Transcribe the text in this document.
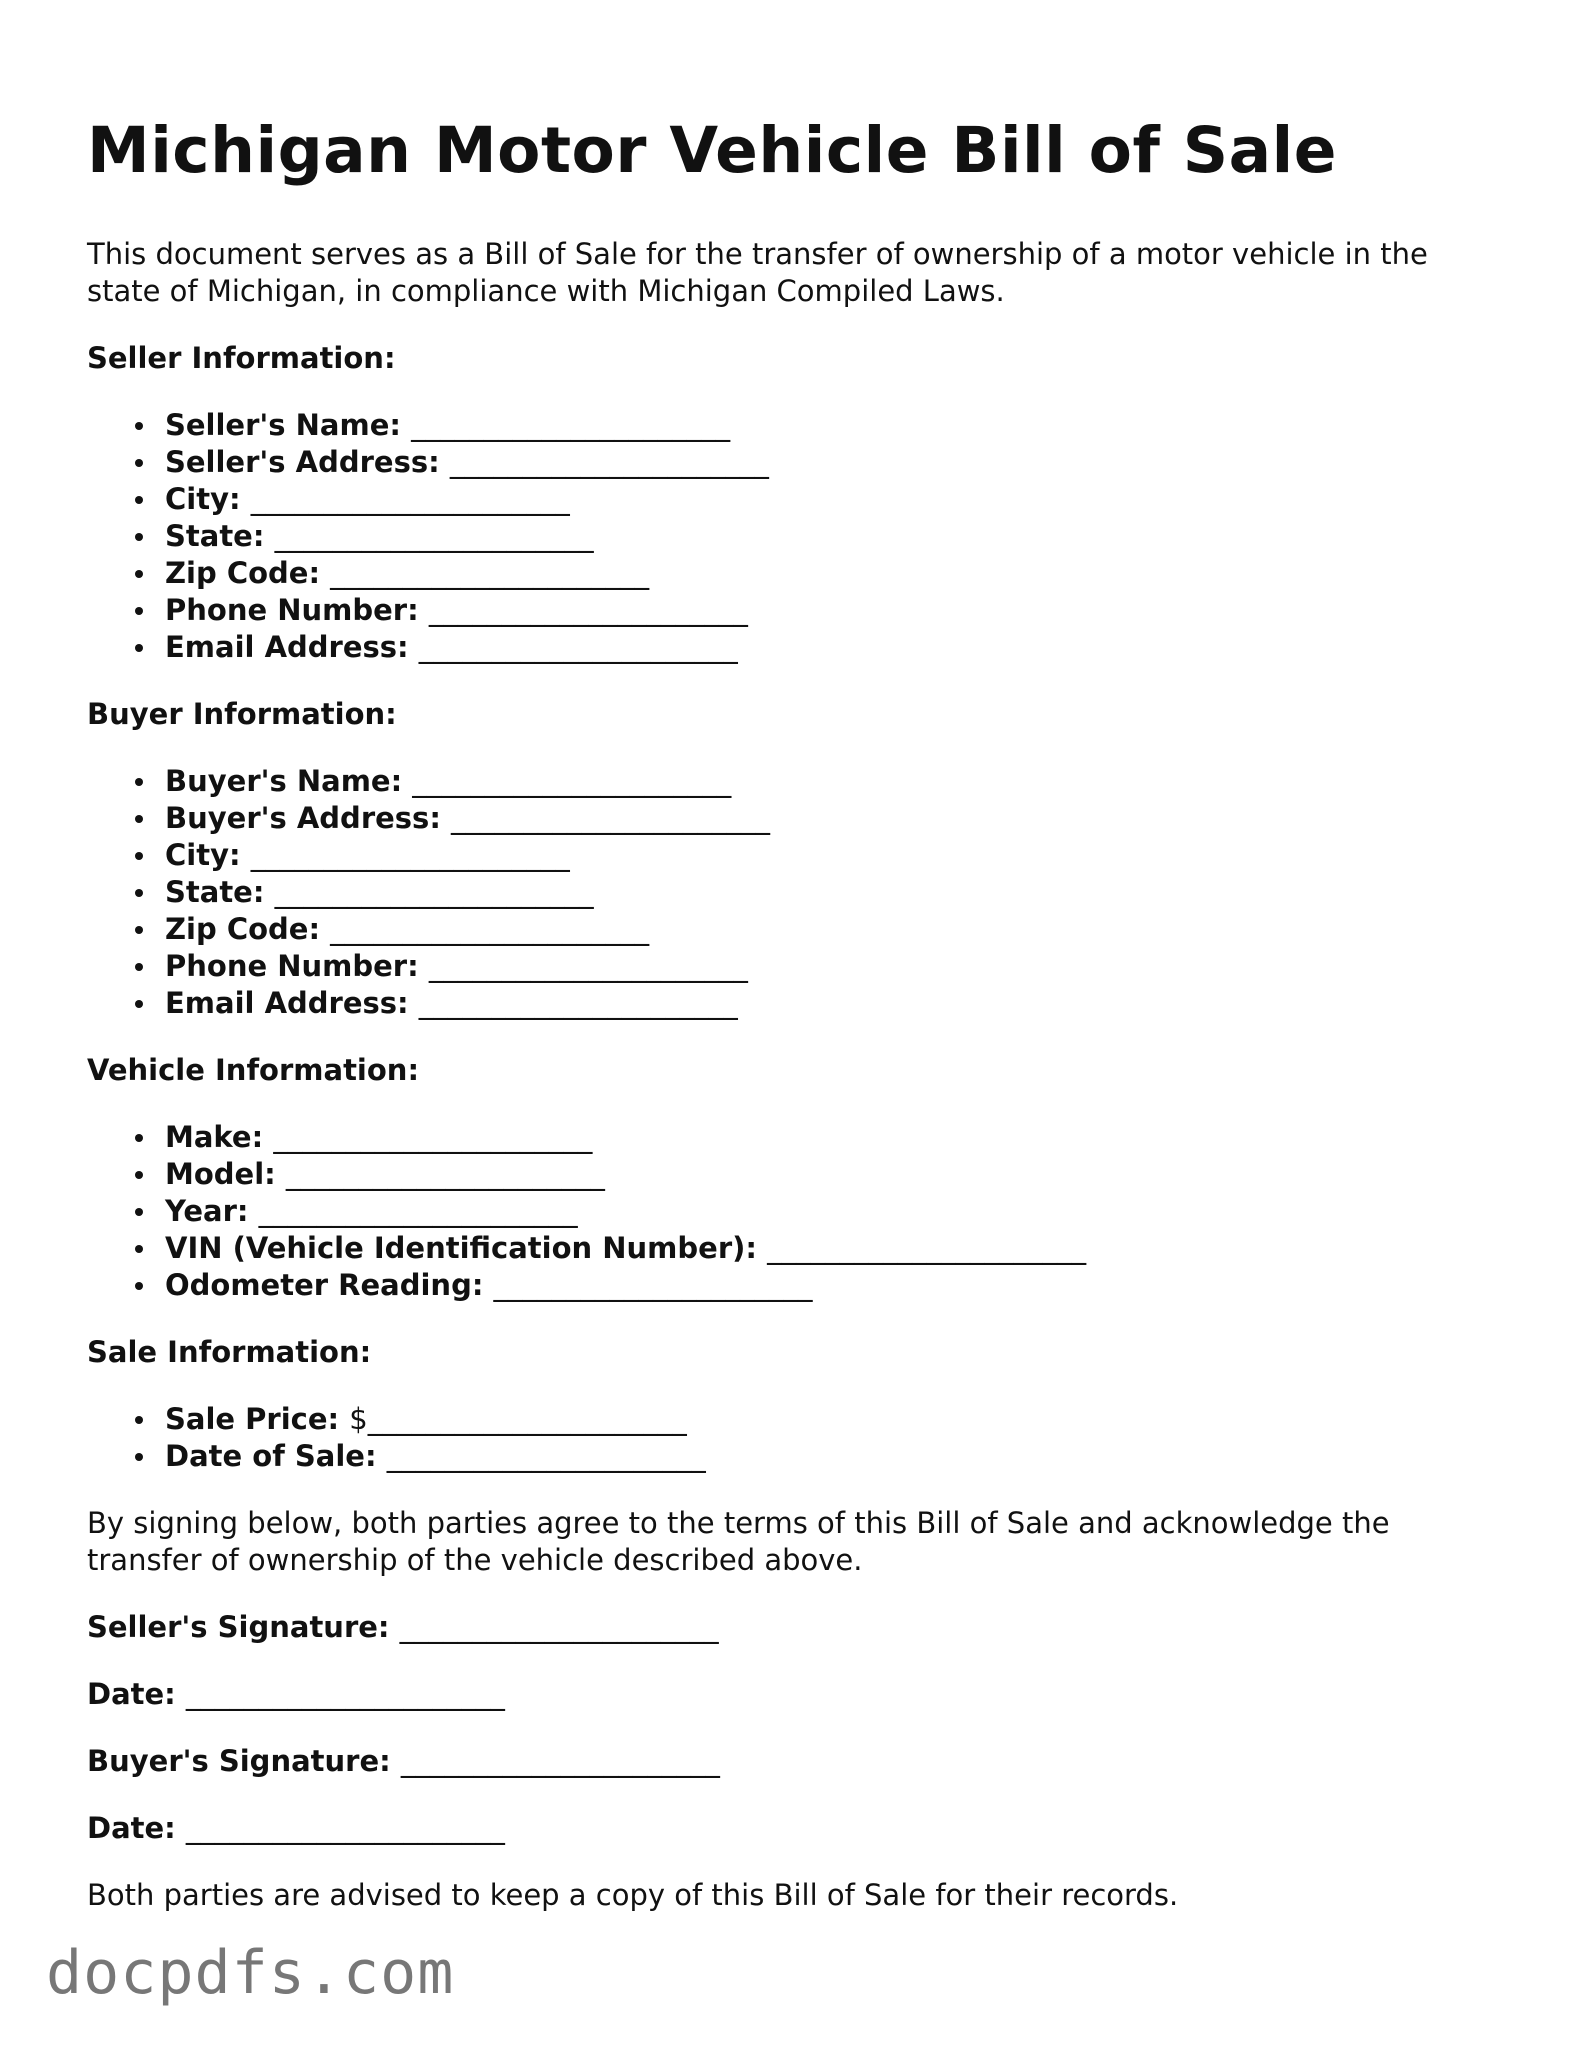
Michigan Motor Vehicle Bill of Sale

This document serves as a Bill of Sale for the transfer of ownership of a motor vehicle in the state of Michigan, in compliance with Michigan Compiled Laws.

Seller Information:
Seller's Name: ______________________
Seller's Address: ______________________
City: ______________________
State: ______________________
Zip Code: ______________________
Phone Number: ______________________
Email Address: ______________________
Buyer Information:
Buyer's Name: ______________________
Buyer's Address: ______________________
City: ______________________
State: ______________________
Zip Code: ______________________
Phone Number: ______________________
Email Address: ______________________
Vehicle Information:
Make: ______________________
Model: ______________________
Year: ______________________
VIN (Vehicle Identification Number): ______________________
Odometer Reading: ______________________
Sale Information:
Sale Price: $______________________
Date of Sale: ______________________

By signing below, both parties agree to the terms of this Bill of Sale and acknowledge the transfer of ownership of the vehicle described above.

Seller's Signature: ______________________
Date: ______________________
Buyer's Signature: ______________________
Date: ______________________

Both parties are advised to keep a copy of this Bill of Sale for their records.

docpdfs.com
